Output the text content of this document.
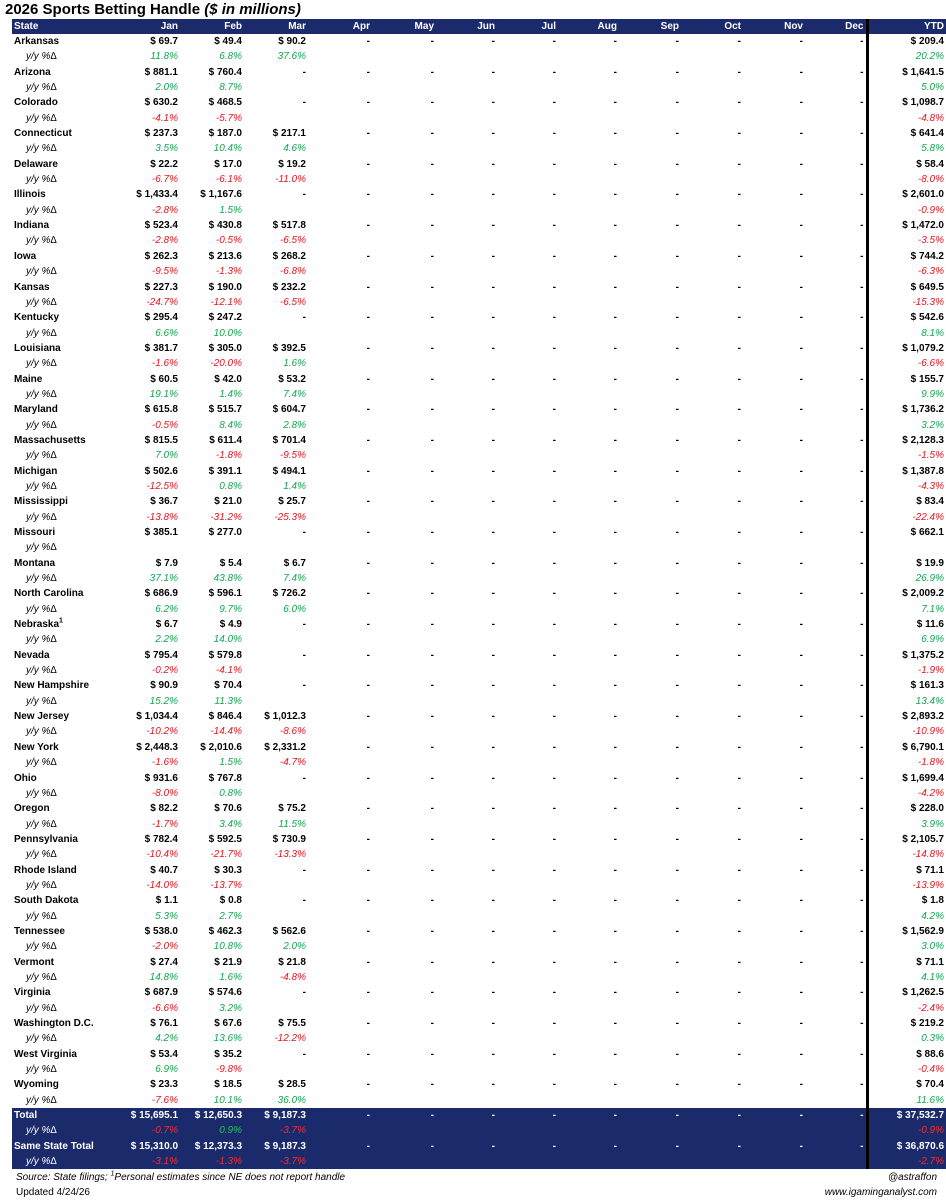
2026 Sports Betting Handle ($ in millions)
State	Jan	Feb	Mar	Apr	May	Jun	Jul	Aug	Sep	Oct	Nov	Dec	YTD
Arkansas	$ 69.7	$ 49.4	$ 90.2	-	-	-	-	-	-	-	-	-	$ 209.4
y/y %∆	11.8%	6.8%	37.6%										20.2%
Arizona	$ 881.1	$ 760.4	-	-	-	-	-	-	-	-	-	-	$ 1,641.5
y/y %∆	2.0%	8.7%											5.0%
Colorado	$ 630.2	$ 468.5	-	-	-	-	-	-	-	-	-	-	$ 1,098.7
y/y %∆	-4.1%	-5.7%											-4.8%
Connecticut	$ 237.3	$ 187.0	$ 217.1	-	-	-	-	-	-	-	-	-	$ 641.4
y/y %∆	3.5%	10.4%	4.6%										5.8%
Delaware	$ 22.2	$ 17.0	$ 19.2	-	-	-	-	-	-	-	-	-	$ 58.4
y/y %∆	-6.7%	-6.1%	-11.0%										-8.0%
Illinois	$ 1,433.4	$ 1,167.6	-	-	-	-	-	-	-	-	-	-	$ 2,601.0
y/y %∆	-2.8%	1.5%											-0.9%
Indiana	$ 523.4	$ 430.8	$ 517.8	-	-	-	-	-	-	-	-	-	$ 1,472.0
y/y %∆	-2.8%	-0.5%	-6.5%										-3.5%
Iowa	$ 262.3	$ 213.6	$ 268.2	-	-	-	-	-	-	-	-	-	$ 744.2
y/y %∆	-9.5%	-1.3%	-6.8%										-6.3%
Kansas	$ 227.3	$ 190.0	$ 232.2	-	-	-	-	-	-	-	-	-	$ 649.5
y/y %∆	-24.7%	-12.1%	-6.5%										-15.3%
Kentucky	$ 295.4	$ 247.2	-	-	-	-	-	-	-	-	-	-	$ 542.6
y/y %∆	6.6%	10.0%											8.1%
Louisiana	$ 381.7	$ 305.0	$ 392.5	-	-	-	-	-	-	-	-	-	$ 1,079.2
y/y %∆	-1.6%	-20.0%	1.6%										-6.6%
Maine	$ 60.5	$ 42.0	$ 53.2	-	-	-	-	-	-	-	-	-	$ 155.7
y/y %∆	19.1%	1.4%	7.4%										9.9%
Maryland	$ 615.8	$ 515.7	$ 604.7	-	-	-	-	-	-	-	-	-	$ 1,736.2
y/y %∆	-0.5%	8.4%	2.8%										3.2%
Massachusetts	$ 815.5	$ 611.4	$ 701.4	-	-	-	-	-	-	-	-	-	$ 2,128.3
y/y %∆	7.0%	-1.8%	-9.5%										-1.5%
Michigan	$ 502.6	$ 391.1	$ 494.1	-	-	-	-	-	-	-	-	-	$ 1,387.8
y/y %∆	-12.5%	0.8%	1.4%										-4.3%
Mississippi	$ 36.7	$ 21.0	$ 25.7	-	-	-	-	-	-	-	-	-	$ 83.4
y/y %∆	-13.8%	-31.2%	-25.3%										-22.4%
Missouri	$ 385.1	$ 277.0	-	-	-	-	-	-	-	-	-	-	$ 662.1
y/y %∆													
Montana	$ 7.9	$ 5.4	$ 6.7	-	-	-	-	-	-	-	-	-	$ 19.9
y/y %∆	37.1%	43.8%	7.4%										26.9%
North Carolina	$ 686.9	$ 596.1	$ 726.2	-	-	-	-	-	-	-	-	-	$ 2,009.2
y/y %∆	6.2%	9.7%	6.0%										7.1%
Nebraska$^1$	$ 6.7	$ 4.9	-	-	-	-	-	-	-	-	-	-	$ 11.6
y/y %∆	2.2%	14.0%											6.9%
Nevada	$ 795.4	$ 579.8	-	-	-	-	-	-	-	-	-	-	$ 1,375.2
y/y %∆	-0.2%	-4.1%											-1.9%
New Hampshire	$ 90.9	$ 70.4	-	-	-	-	-	-	-	-	-	-	$ 161.3
y/y %∆	15.2%	11.3%											13.4%
New Jersey	$ 1,034.4	$ 846.4	$ 1,012.3	-	-	-	-	-	-	-	-	-	$ 2,893.2
y/y %∆	-10.2%	-14.4%	-8.6%										-10.9%
New York	$ 2,448.3	$ 2,010.6	$ 2,331.2	-	-	-	-	-	-	-	-	-	$ 6,790.1
y/y %∆	-1.6%	1.5%	-4.7%										-1.8%
Ohio	$ 931.6	$ 767.8	-	-	-	-	-	-	-	-	-	-	$ 1,699.4
y/y %∆	-8.0%	0.8%											-4.2%
Oregon	$ 82.2	$ 70.6	$ 75.2	-	-	-	-	-	-	-	-	-	$ 228.0
y/y %∆	-1.7%	3.4%	11.5%										3.9%
Pennsylvania	$ 782.4	$ 592.5	$ 730.9	-	-	-	-	-	-	-	-	-	$ 2,105.7
y/y %∆	-10.4%	-21.7%	-13.3%										-14.8%
Rhode Island	$ 40.7	$ 30.3	-	-	-	-	-	-	-	-	-	-	$ 71.1
y/y %∆	-14.0%	-13.7%											-13.9%
South Dakota	$ 1.1	$ 0.8	-	-	-	-	-	-	-	-	-	-	$ 1.8
y/y %∆	5.3%	2.7%											4.2%
Tennessee	$ 538.0	$ 462.3	$ 562.6	-	-	-	-	-	-	-	-	-	$ 1,562.9
y/y %∆	-2.0%	10.8%	2.0%										3.0%
Vermont	$ 27.4	$ 21.9	$ 21.8	-	-	-	-	-	-	-	-	-	$ 71.1
y/y %∆	14.8%	1.6%	-4.8%										4.1%
Virginia	$ 687.9	$ 574.6	-	-	-	-	-	-	-	-	-	-	$ 1,262.5
y/y %∆	-6.6%	3.2%											-2.4%
Washington D.C.	$ 76.1	$ 67.6	$ 75.5	-	-	-	-	-	-	-	-	-	$ 219.2
y/y %∆	4.2%	13.6%	-12.2%										0.3%
West Virginia	$ 53.4	$ 35.2	-	-	-	-	-	-	-	-	-	-	$ 88.6
y/y %∆	6.9%	-9.8%											-0.4%
Wyoming	$ 23.3	$ 18.5	$ 28.5	-	-	-	-	-	-	-	-	-	$ 70.4
y/y %∆	-7.6%	10.1%	36.0%										11.6%
Total	$ 15,695.1	$ 12,650.3	$ 9,187.3	-	-	-	-	-	-	-	-	-	$ 37,532.7
y/y %∆	-0.7%	0.9%	-3.7%										-0.9%
Same State Total	$ 15,310.0	$ 12,373.3	$ 9,187.3	-	-	-	-	-	-	-	-	-	$ 36,870.6
y/y %∆	-3.1%	-1.3%	-3.7%										-2.7%
Source: State filings; $^1$Personal estimates since NE does not report handle
Updated 4/24/26
@astraffon
www.igaminganalyst.com
